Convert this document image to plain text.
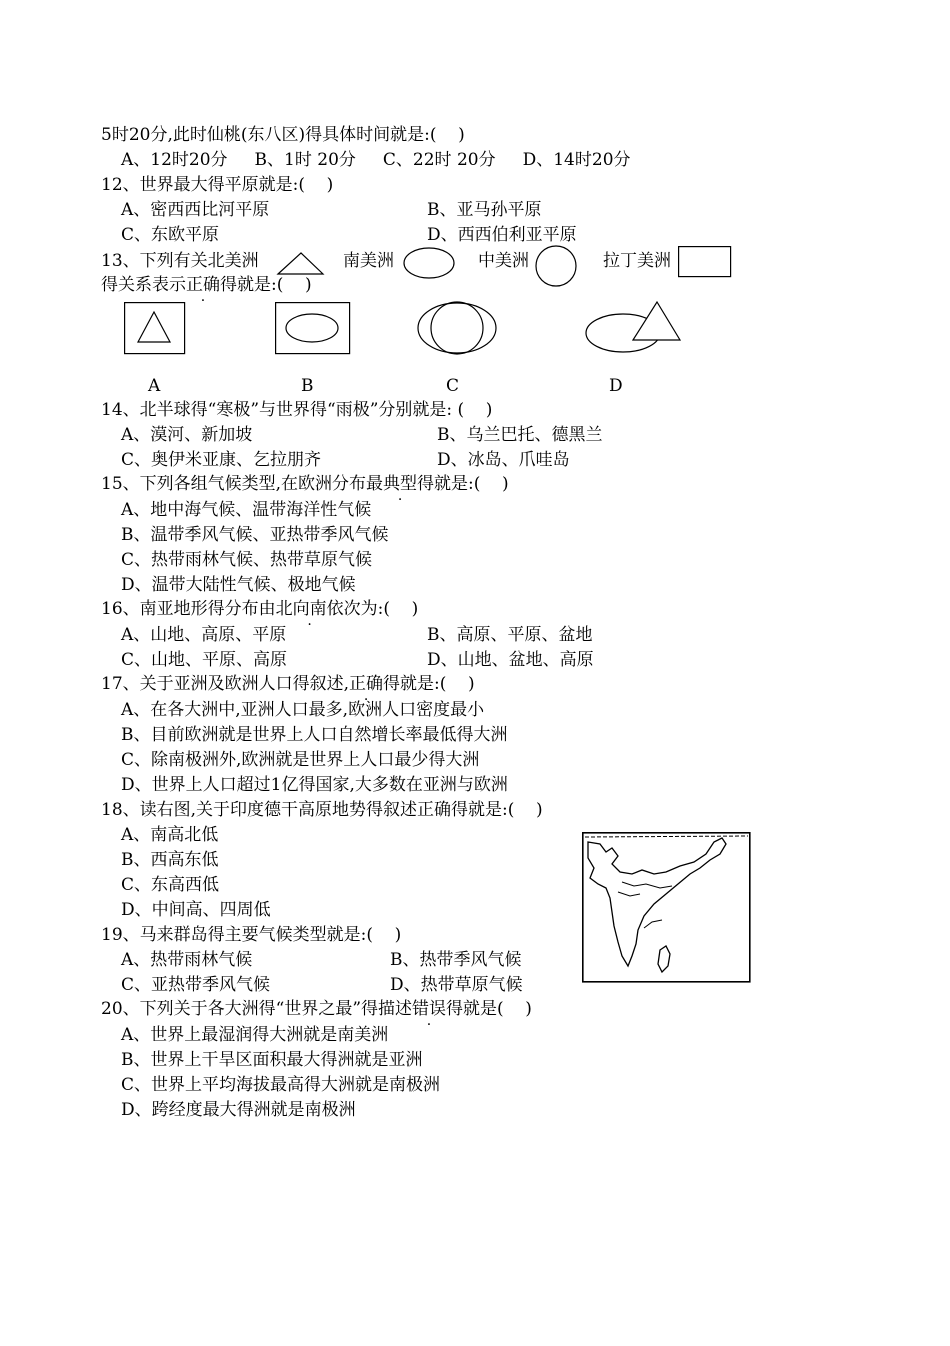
5时20分,此时仙桃(东八区)得具体时间就是:(    )
A、12时20分     B、1时 20分     C、22时 20分     D、14时20分
12、世界最大得平原就是:(    )
A、密西西比河平原	B、亚马孙平原
C、东欧平原	D、西西伯利亚平原
13、下列有关北美洲	南美洲	中美洲	拉丁美洲
得关系表示正确得就是:(    )
A	B	C	D
14、北半球得“寒极”与世界得“雨极”分别就是: (    )
A、漠河、新加坡	B、乌兰巴托、德黑兰
C、奥伊米亚康、乞拉朋齐	D、冰岛、爪哇岛
15、下列各组气候类型,在欧洲分布最典型得就是:(    )
A、地中海气候、温带海洋性气候
B、温带季风气候、亚热带季风气候
C、热带雨林气候、热带草原气候
D、温带大陆性气候、极地气候
16、南亚地形得分布由北向南依次 ·为:(    )
A、山地、高原、平原	B、高原、平原、盆地
C、山地、平原、高原	D、山地、盆地、高原
17、关于亚洲及欧洲人口得叙述,正确得就是:(    )
A、在各大洲中,亚洲人口最多,欧洲人口密度最小
B、目前欧洲就是世界上人口自然增长率最低得大洲
C、除南极洲外,欧洲就是世界上人口最少得大洲
D、世界上人口超过1亿得国家,大多数在亚洲与欧洲
18、读右图,关于印度德干高原地势得叙述正确得就是:(    )
A、南高北低
B、西高东低
C、东高西低
D、中间高、四周低
19、马来群岛得主要气候类型就是:(    )
A、热带雨林气候	B、热带季风气候
C、亚热带季风气候	D、热带草原气候
20、下列关于各大洲得“世界之最”得描述错误得就是(    )
A、世界上最湿润得大洲就是南美洲
B、世界上干旱区面积最大得洲就是亚洲
C、世界上平均海拔最高得大洲就是南极洲
D、跨经度最大得洲就是南极洲
